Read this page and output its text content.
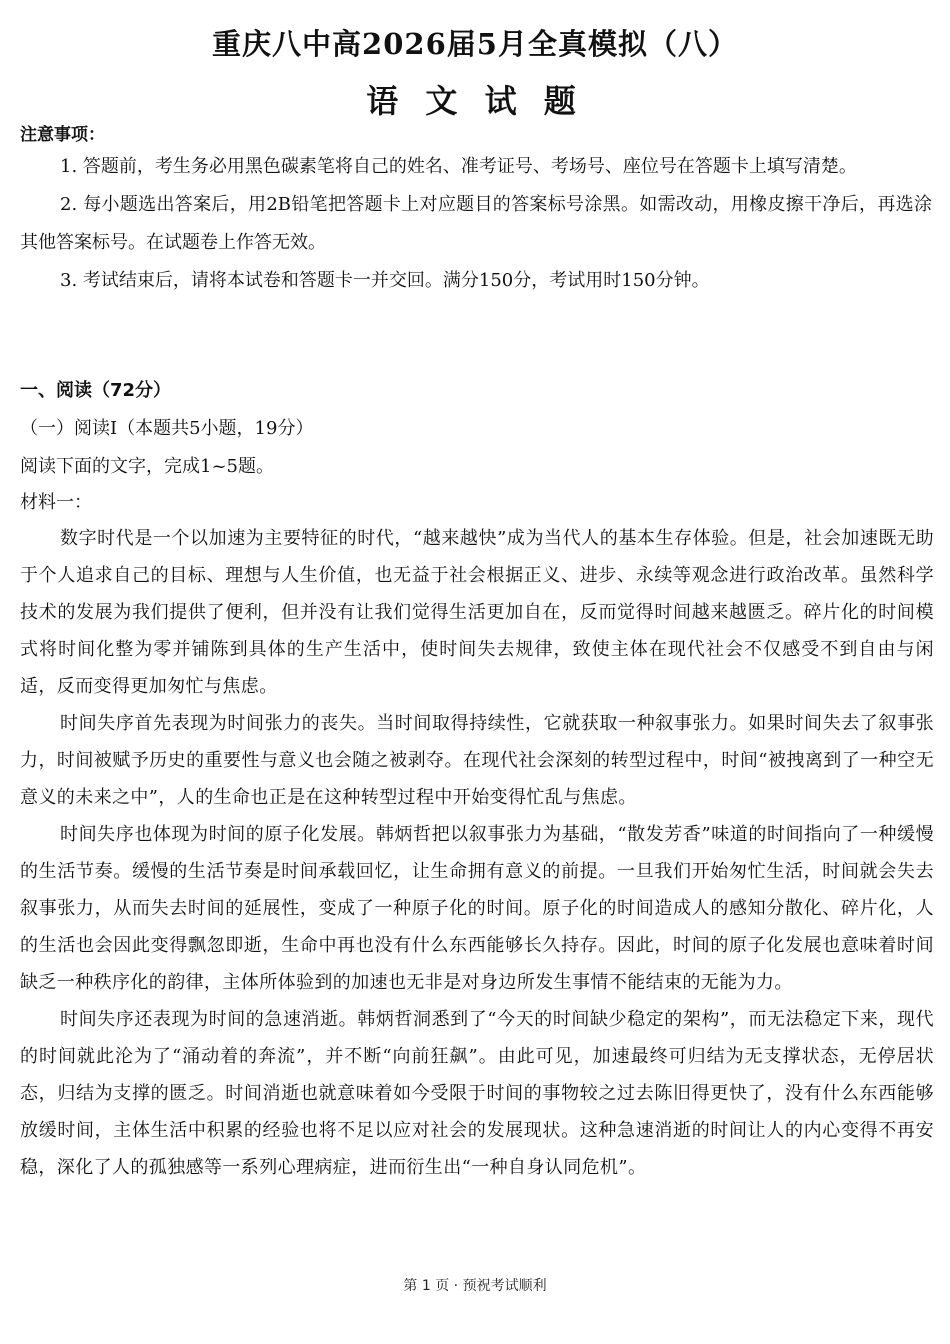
重庆八中高2026届5月全真模拟（八）
语 文 试 题
注意事项：

1. 答题前，考生务必用黑色碳素笔将自己的姓名、准考证号、考场号、座位号在答题卡上填写清楚。

2. 每小题选出答案后，用2B铅笔把答题卡上对应题目的答案标号涂黑。如需改动，用橡皮擦干净后，再选涂其他答案标号。在试题卷上作答无效。

3. 考试结束后，请将本试卷和答题卡一并交回。满分150分，考试用时150分钟。

一、阅读（72分）
（一）阅读Ⅰ（本题共5小题，19分）
阅读下面的文字，完成1~5题。
材料一：

数字时代是一个以加速为主要特征的时代，“越来越快”成为当代人的基本生存体验。但是，社会加速既无助于个人追求自己的目标、理想与人生价值，也无益于社会根据正义、进步、永续等观念进行政治改革。虽然科学技术的发展为我们提供了便利，但并没有让我们觉得生活更加自在，反而觉得时间越来越匮乏。碎片化的时间模式将时间化整为零并铺陈到具体的生产生活中，使时间失去规律，致使主体在现代社会不仅感受不到自由与闲适，反而变得更加匆忙与焦虑。

时间失序首先表现为时间张力的丧失。当时间取得持续性，它就获取一种叙事张力。如果时间失去了叙事张力，时间被赋予历史的重要性与意义也会随之被剥夺。在现代社会深刻的转型过程中，时间“被拽离到了一种空无意义的未来之中”，人的生命也正是在这种转型过程中开始变得忙乱与焦虑。

时间失序也体现为时间的原子化发展。韩炳哲把以叙事张力为基础，“散发芳香”味道的时间指向了一种缓慢的生活节奏。缓慢的生活节奏是时间承载回忆，让生命拥有意义的前提。一旦我们开始匆忙生活，时间就会失去叙事张力，从而失去时间的延展性，变成了一种原子化的时间。原子化的时间造成人的感知分散化、碎片化，人的生活也会因此变得飘忽即逝，生命中再也没有什么东西能够长久持存。因此，时间的原子化发展也意味着时间缺乏一种秩序化的韵律，主体所体验到的加速也无非是对身边所发生事情不能结束的无能为力。

时间失序还表现为时间的急速消逝。韩炳哲洞悉到了“今天的时间缺少稳定的架构”，而无法稳定下来，现代的时间就此沦为了“涌动着的奔流”，并不断“向前狂飙”。由此可见，加速最终可归结为无支撑状态，无停居状态，归结为支撑的匮乏。时间消逝也就意味着如今受限于时间的事物较之过去陈旧得更快了，没有什么东西能够放缓时间，主体生活中积累的经验也将不足以应对社会的发展现状。这种急速消逝的时间让人的内心变得不再安稳，深化了人的孤独感等一系列心理病症，进而衍生出“一种自身认同危机”。

第 1 页 · 预祝考试顺利
